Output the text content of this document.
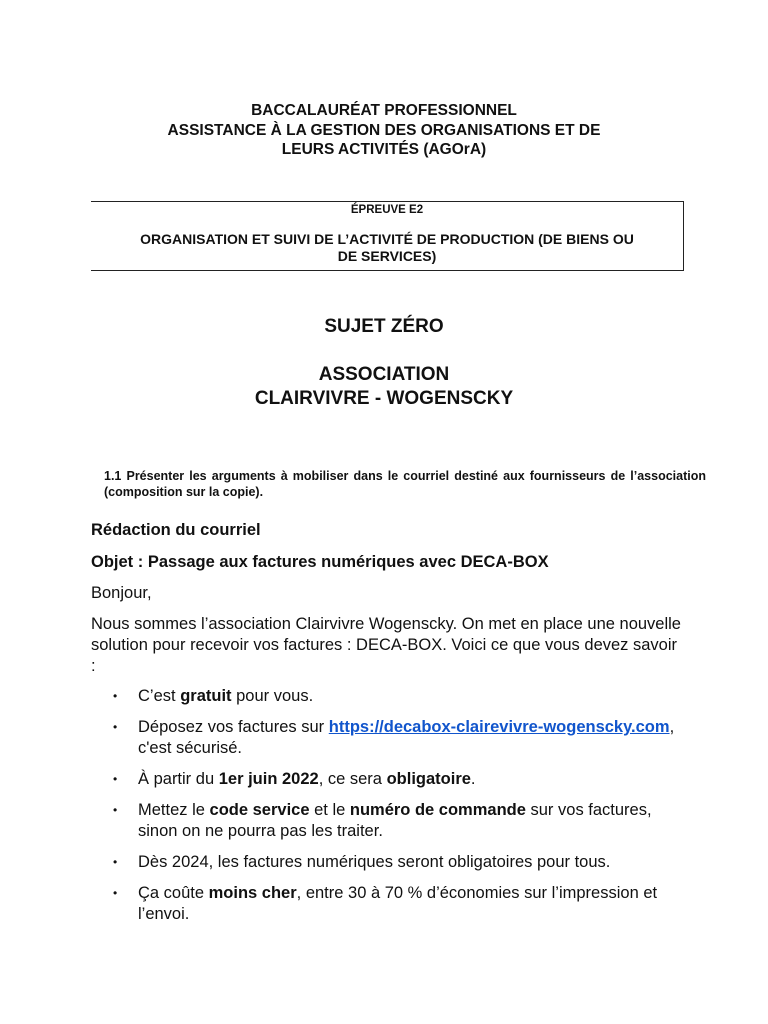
BACCALAURÉAT PROFESSIONNEL
ASSISTANCE À LA GESTION DES ORGANISATIONS ET DE
LEURS ACTIVITÉS (AGOrA)
ÉPREUVE E2
ORGANISATION ET SUIVI DE L’ACTIVITÉ DE PRODUCTION (DE BIENS OU
DE SERVICES)
SUJET ZÉRO
ASSOCIATION
CLAIRVIVRE - WOGENSCKY
1.1 Présenter les arguments à mobiliser dans le courriel destiné aux fournisseurs de l’association (composition sur la copie).
Rédaction du courriel
Objet : Passage aux factures numériques avec DECA-BOX
Bonjour,
Nous sommes l’association Clairvivre Wogenscky. On met en place une nouvelle solution pour recevoir vos factures : DECA-BOX. Voici ce que vous devez savoir :
• C’est gratuit pour vous.
• Déposez vos factures sur https://decabox-clairevivre-wogenscky.com, c'est sécurisé.
• À partir du 1er juin 2022, ce sera obligatoire.
• Mettez le code service et le numéro de commande sur vos factures, sinon on ne pourra pas les traiter.
• Dès 2024, les factures numériques seront obligatoires pour tous.
• Ça coûte moins cher, entre 30 à 70 % d’économies sur l’impression et l’envoi.
